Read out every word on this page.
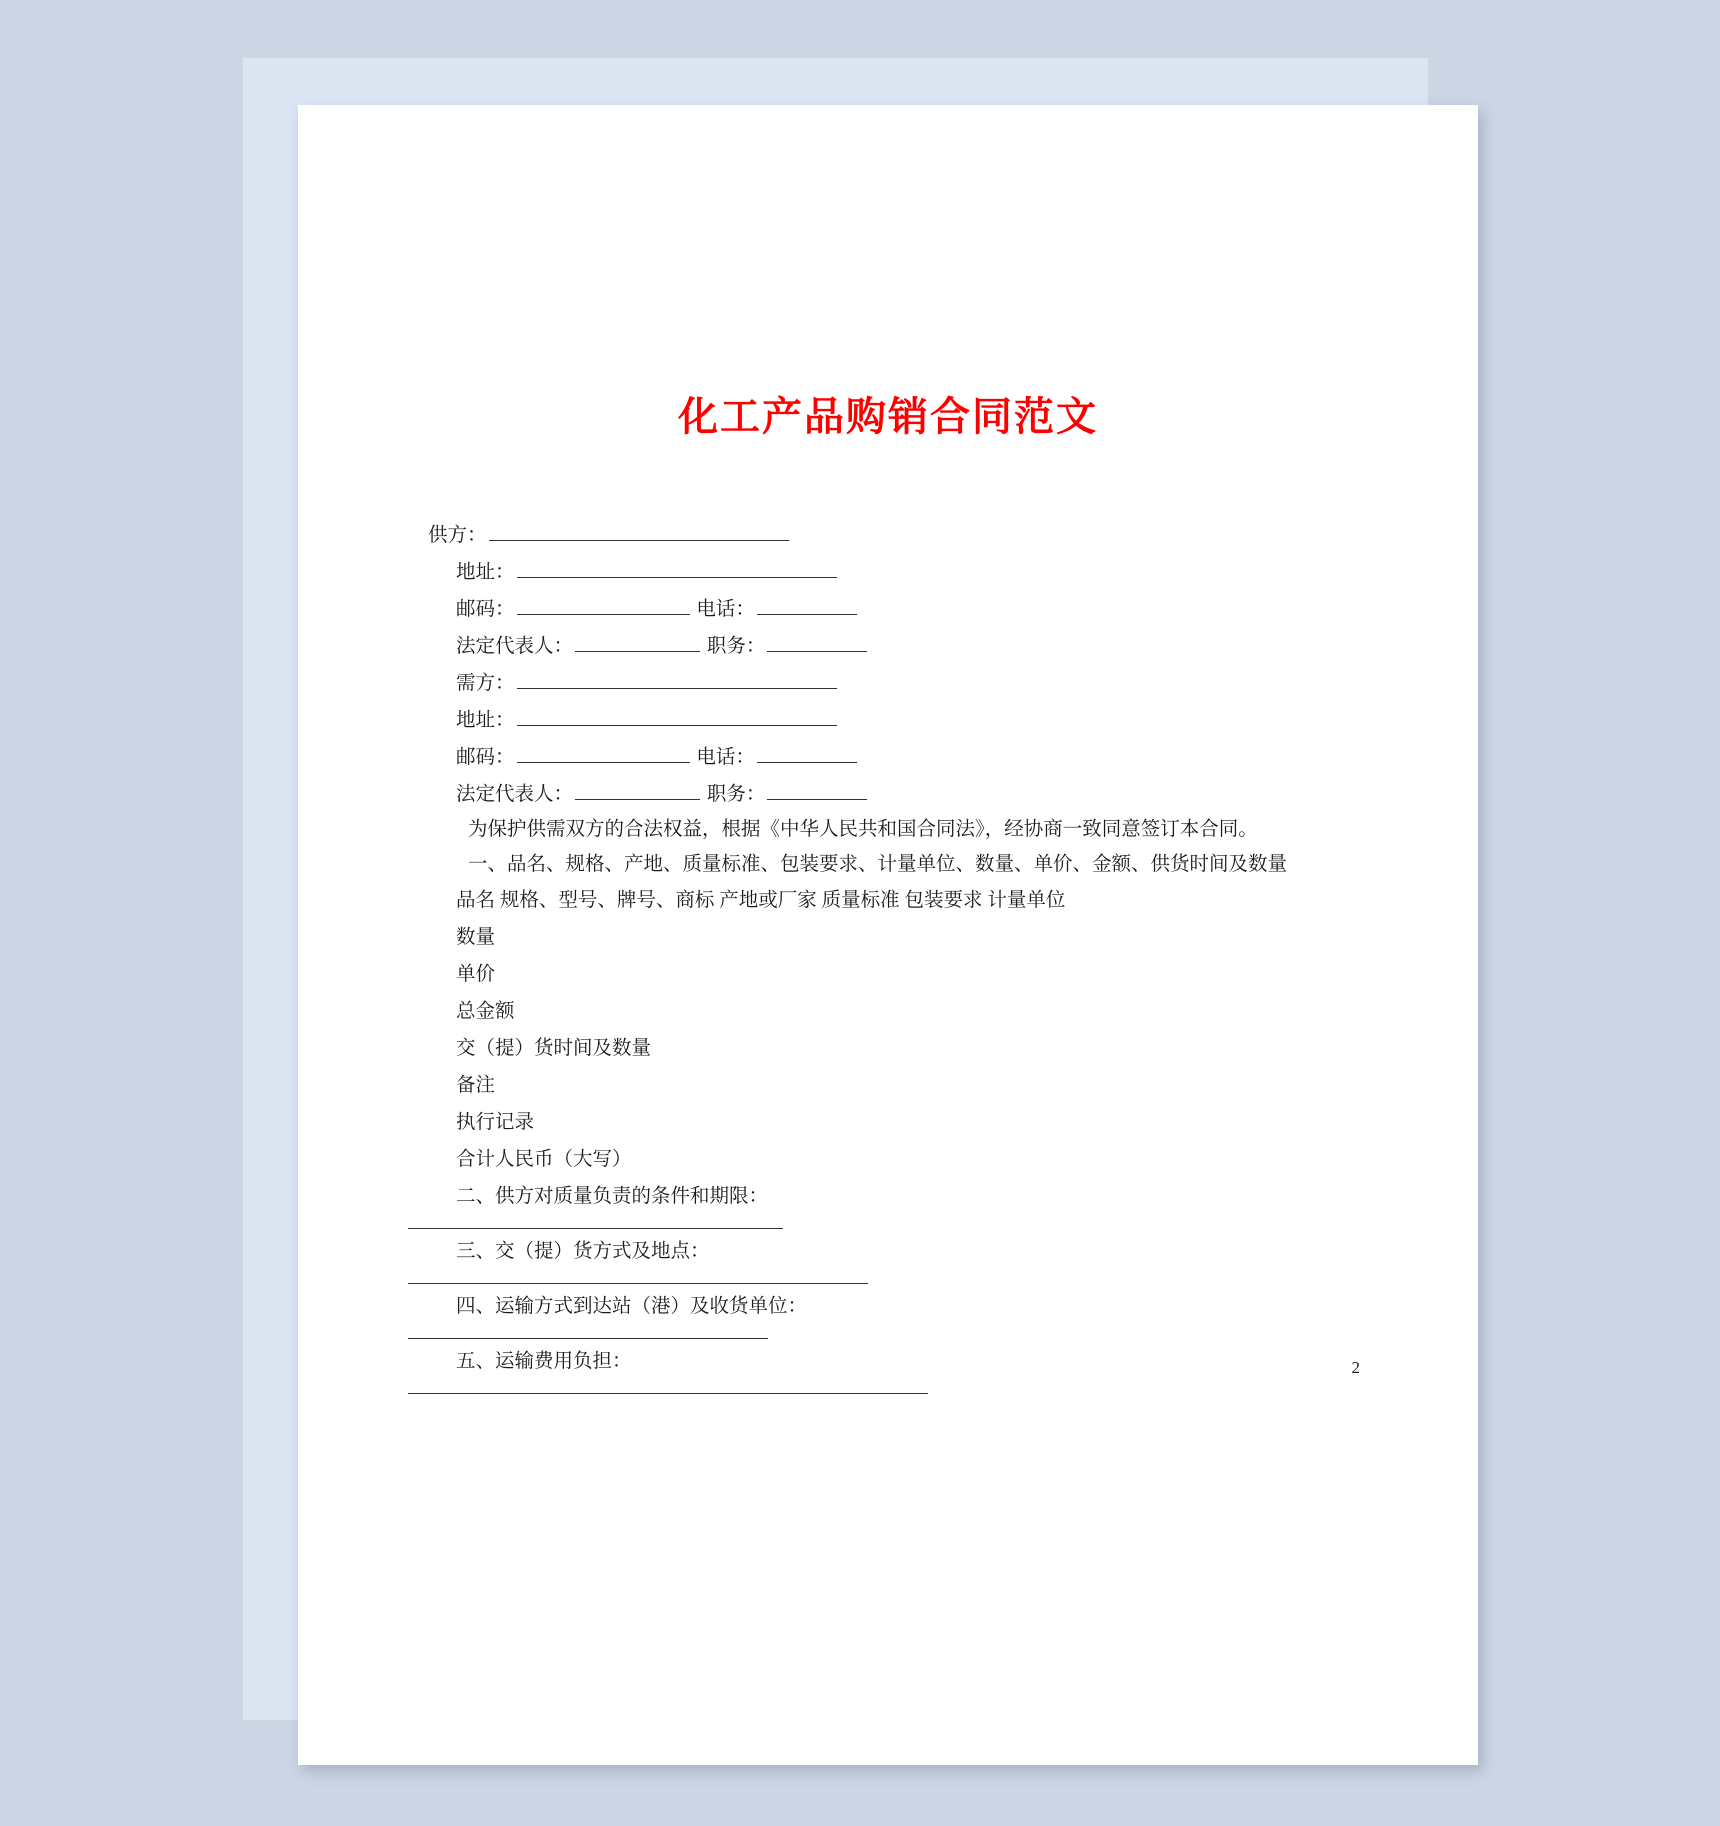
化工产品购销合同范文
供方：
地址：
邮码：	电话：
法定代表人：	职务：
需方：
地址：
邮码：	电话：
法定代表人：	职务：
为保护供需双方的合法权益，根据《中华人民共和国合同法》，经协商一致同意签订本合同。
一、品名、规格、产地、质量标准、包装要求、计量单位、数量、单价、金额、供货时间及数量
品名 规格、型号、牌号、商标 产地或厂家 质量标准 包装要求 计量单位
数量
单价
总金额
交（提）货时间及数量
备注
执行记录
合计人民币（大写）
二、供方对质量负责的条件和期限：
三、交（提）货方式及地点：
四、运输方式到达站（港）及收货单位：
五、运输费用负担：	2
